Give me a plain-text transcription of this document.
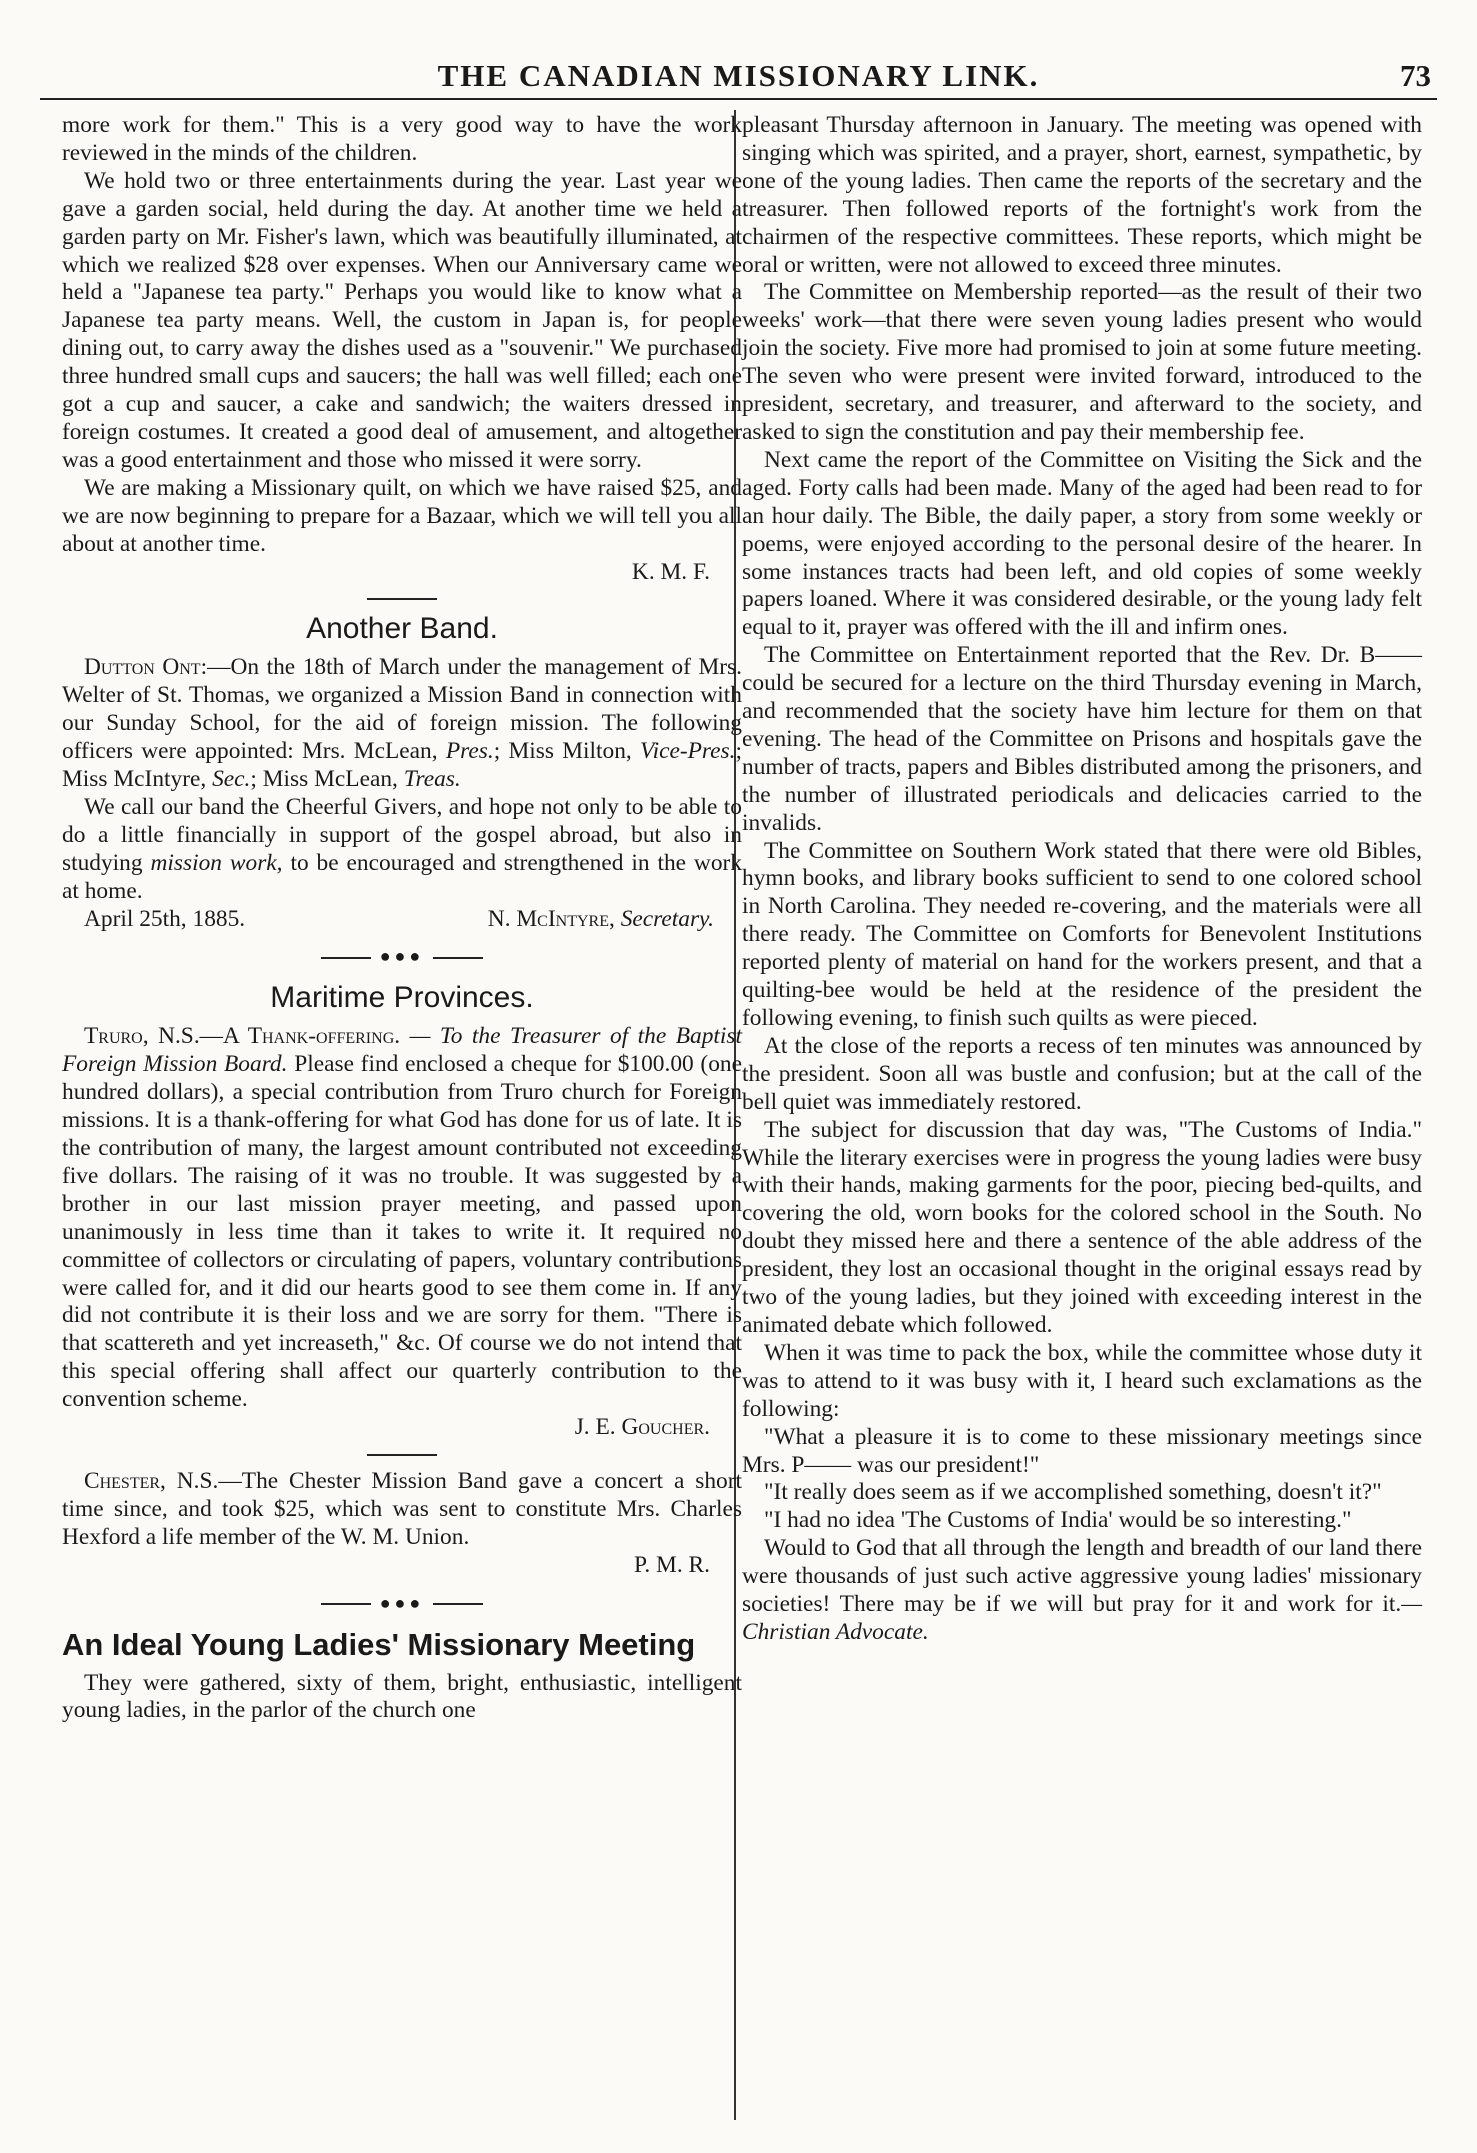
THE CANADIAN MISSIONARY LINK.	73

more work for them." This is a very good way to have the work reviewed in the minds of the children.

We hold two or three entertainments during the year. Last year we gave a garden social, held during the day. At another time we held a garden party on Mr. Fisher's lawn, which was beautifully illuminated, at which we realized $28 over expenses. When our Anniversary came we held a "Japanese tea party." Perhaps you would like to know what a Japanese tea party means. Well, the custom in Japan is, for people dining out, to carry away the dishes used as a "souvenir." We purchased three hundred small cups and saucers; the hall was well filled; each one got a cup and saucer, a cake and sandwich; the waiters dressed in foreign costumes. It created a good deal of amusement, and altogether was a good entertainment and those who missed it were sorry.

We are making a Missionary quilt, on which we have raised $25, and we are now beginning to prepare for a Bazaar, which we will tell you all about at another time.

K. M. F.
Another Band.

Dutton Ont:—On the 18th of March under the management of Mrs. Welter of St. Thomas, we organized a Mission Band in connection with our Sunday School, for the aid of foreign mission. The following officers were appointed: Mrs. McLean, Pres.; Miss Milton, Vice-Pres.; Miss McIntyre, Sec.; Miss McLean, Treas.

We call our band the Cheerful Givers, and hope not only to be able to do a little financially in support of the gospel abroad, but also in studying mission work, to be encouraged and strengthened in the work at home.

April 25th, 1885.	N. McIntyre, Secretary.
●●●
Maritime Provinces.

Truro, N.S.—A Thank-offering. — To the Treasurer of the Baptist Foreign Mission Board. Please find enclosed a cheque for $100.00 (one hundred dollars), a special contribution from Truro church for Foreign missions. It is a thank-offering for what God has done for us of late. It is the contribution of many, the largest amount contributed not exceeding five dollars. The raising of it was no trouble. It was suggested by a brother in our last mission prayer meeting, and passed upon unanimously in less time than it takes to write it. It required no committee of collectors or circulating of papers, voluntary contributions were called for, and it did our hearts good to see them come in. If any did not contribute it is their loss and we are sorry for them. "There is that scattereth and yet increaseth," &c. Of course we do not intend that this special offering shall affect our quarterly contribution to the convention scheme.

J. E. Goucher.

Chester, N.S.—The Chester Mission Band gave a concert a short time since, and took $25, which was sent to constitute Mrs. Charles Hexford a life member of the W. M. Union.

P. M. R.
●●●
An Ideal Young Ladies' Missionary Meeting

They were gathered, sixty of them, bright, enthusiastic, intelligent young ladies, in the parlor of the church one

pleasant Thursday afternoon in January. The meeting was opened with singing which was spirited, and a prayer, short, earnest, sympathetic, by one of the young ladies. Then came the reports of the secretary and the treasurer. Then followed reports of the fortnight's work from the chairmen of the respective committees. These reports, which might be oral or written, were not allowed to exceed three minutes.

The Committee on Membership reported—as the result of their two weeks' work—that there were seven young ladies present who would join the society. Five more had promised to join at some future meeting. The seven who were present were invited forward, introduced to the president, secretary, and treasurer, and afterward to the society, and asked to sign the constitution and pay their membership fee.

Next came the report of the Committee on Visiting the Sick and the aged. Forty calls had been made. Many of the aged had been read to for an hour daily. The Bible, the daily paper, a story from some weekly or poems, were enjoyed according to the personal desire of the hearer. In some instances tracts had been left, and old copies of some weekly papers loaned. Where it was considered desirable, or the young lady felt equal to it, prayer was offered with the ill and infirm ones.

The Committee on Entertainment reported that the Rev. Dr. B—— could be secured for a lecture on the third Thursday evening in March, and recommended that the society have him lecture for them on that evening. The head of the Committee on Prisons and hospitals gave the number of tracts, papers and Bibles distributed among the prisoners, and the number of illustrated periodicals and delicacies carried to the invalids.

The Committee on Southern Work stated that there were old Bibles, hymn books, and library books sufficient to send to one colored school in North Carolina. They needed re-covering, and the materials were all there ready. The Committee on Comforts for Benevolent Institutions reported plenty of material on hand for the workers present, and that a quilting-bee would be held at the residence of the president the following evening, to finish such quilts as were pieced.

At the close of the reports a recess of ten minutes was announced by the president. Soon all was bustle and confusion; but at the call of the bell quiet was immediately restored.

The subject for discussion that day was, "The Customs of India." While the literary exercises were in progress the young ladies were busy with their hands, making garments for the poor, piecing bed-quilts, and covering the old, worn books for the colored school in the South. No doubt they missed here and there a sentence of the able address of the president, they lost an occasional thought in the original essays read by two of the young ladies, but they joined with exceeding interest in the animated debate which followed.

When it was time to pack the box, while the committee whose duty it was to attend to it was busy with it, I heard such exclamations as the following:

"What a pleasure it is to come to these missionary meetings since Mrs. P—— was our president!"

"It really does seem as if we accomplished something, doesn't it?"

"I had no idea 'The Customs of India' would be so interesting."

Would to God that all through the length and breadth of our land there were thousands of just such active aggressive young ladies' missionary societies! There may be if we will but pray for it and work for it.—Christian Advocate.
